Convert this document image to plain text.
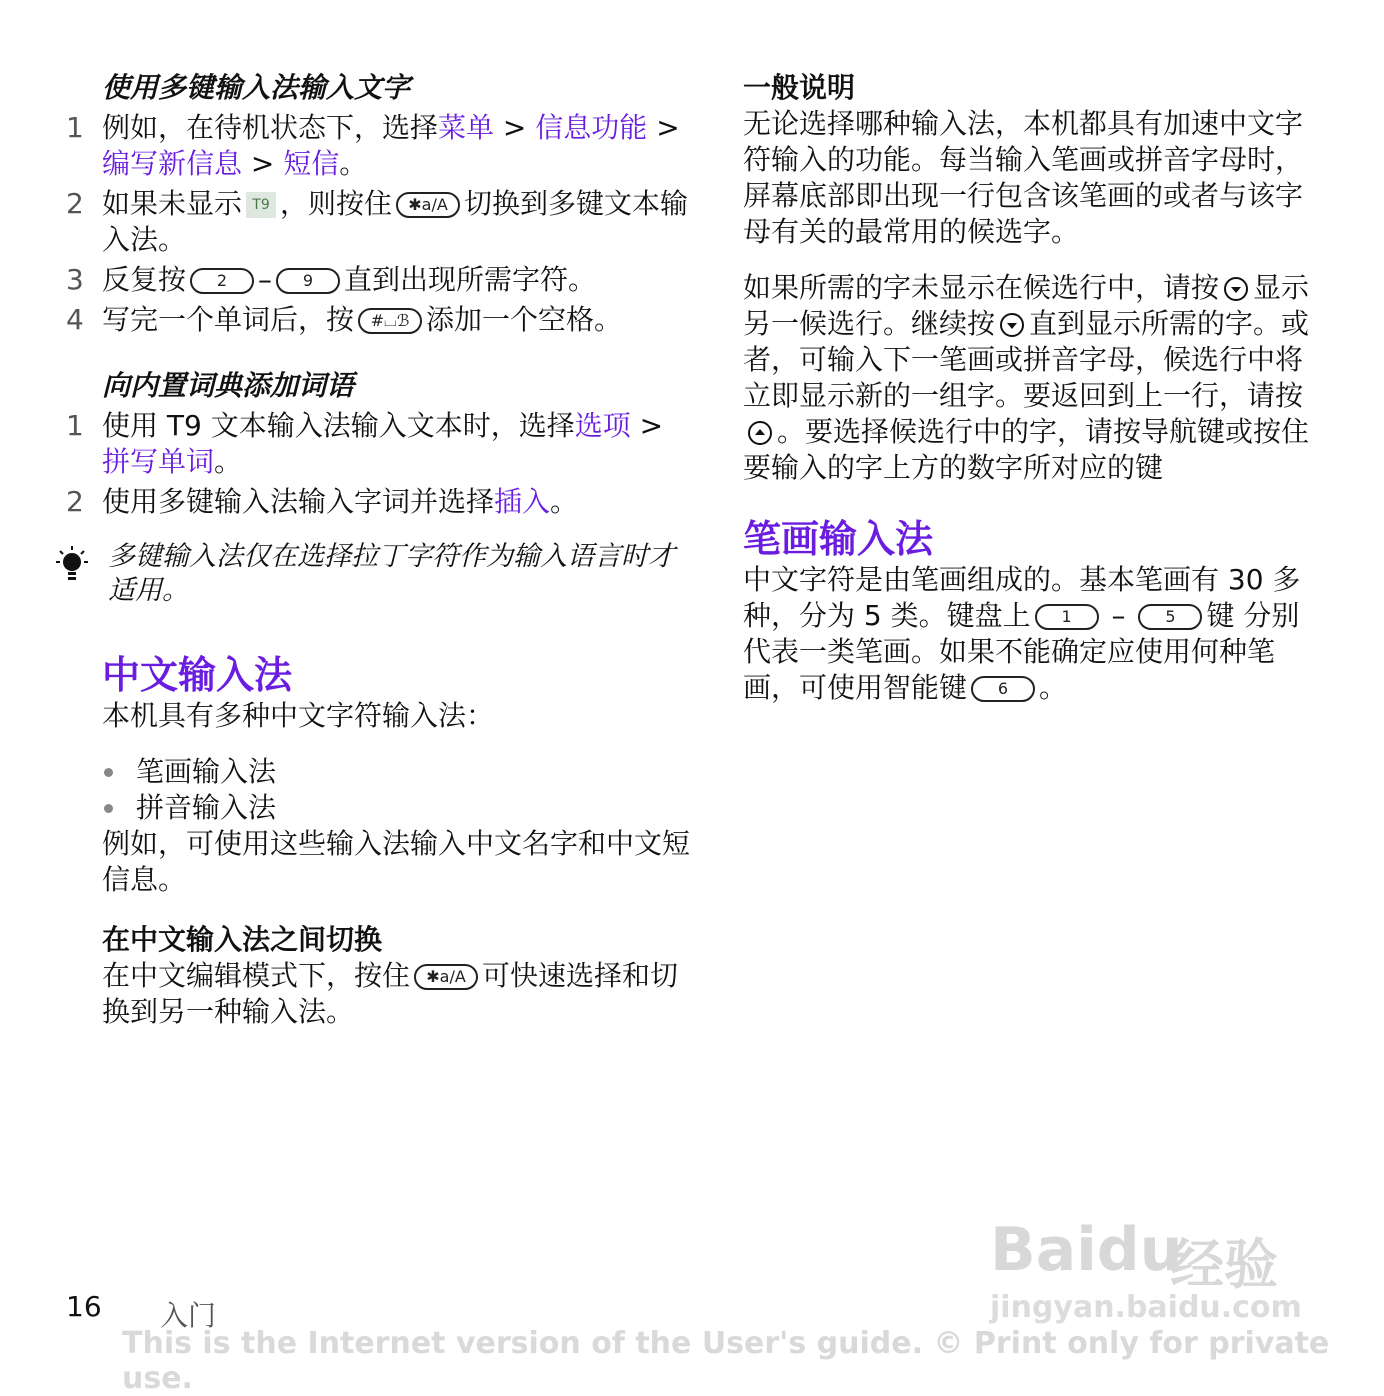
使用多键输入法输入文字

1 例如，在待机状态下，选择菜单 > 信息功能 > 编写新信息 > 短信。
2 如果未显示 T9 ，则按住 ✱a/A 切换到多键文本输入法。
3 反复按 2 – 9 直到出现所需字符。
4 写完一个单词后，按 #⌴ℬ 添加一个空格。

向内置词典添加词语

1 使用 T9 文本输入法输入文本时，选择选项 > 拼写单词。
2 使用多键输入法输入字词并选择插入。

多键输入法仅在选择拉丁字符作为输入语言时才适用。

中文输入法

本机具有多种中文字符输入法：

笔画输入法
拼音输入法

例如，可使用这些输入法输入中文名字和中文短信息。

在中文输入法之间切换

在中文编辑模式下，按住 ✱a/A 可快速选择和切换到另一种输入法。

一般说明

无论选择哪种输入法，本机都具有加速中文字符输入的功能。每当输入笔画或拼音字母时，屏幕底部即出现一行包含该笔画的或者与该字母有关的最常用的候选字。

如果所需的字未显示在候选行中，请按 显示另一候选行。继续按 直到显示所需的字。或者，可输入下一笔画或拼音字母，候选行中将立即显示新的一组字。要返回到上一行，请按。要选择候选行中的字，请按导航键或按住要输入的字上方的数字所对应的键

笔画输入法

中文字符是由笔画组成的。基本笔画有 30 多种，分为 5 类。键盘上 1 – 5 键 分别代表一类笔画。如果不能确定应使用何种笔画，可使用智能键 6 。

Baidu
经验
jingyan.baidu.com
16 入门
This is the Internet version of the User's guide. © Print only for private use.
